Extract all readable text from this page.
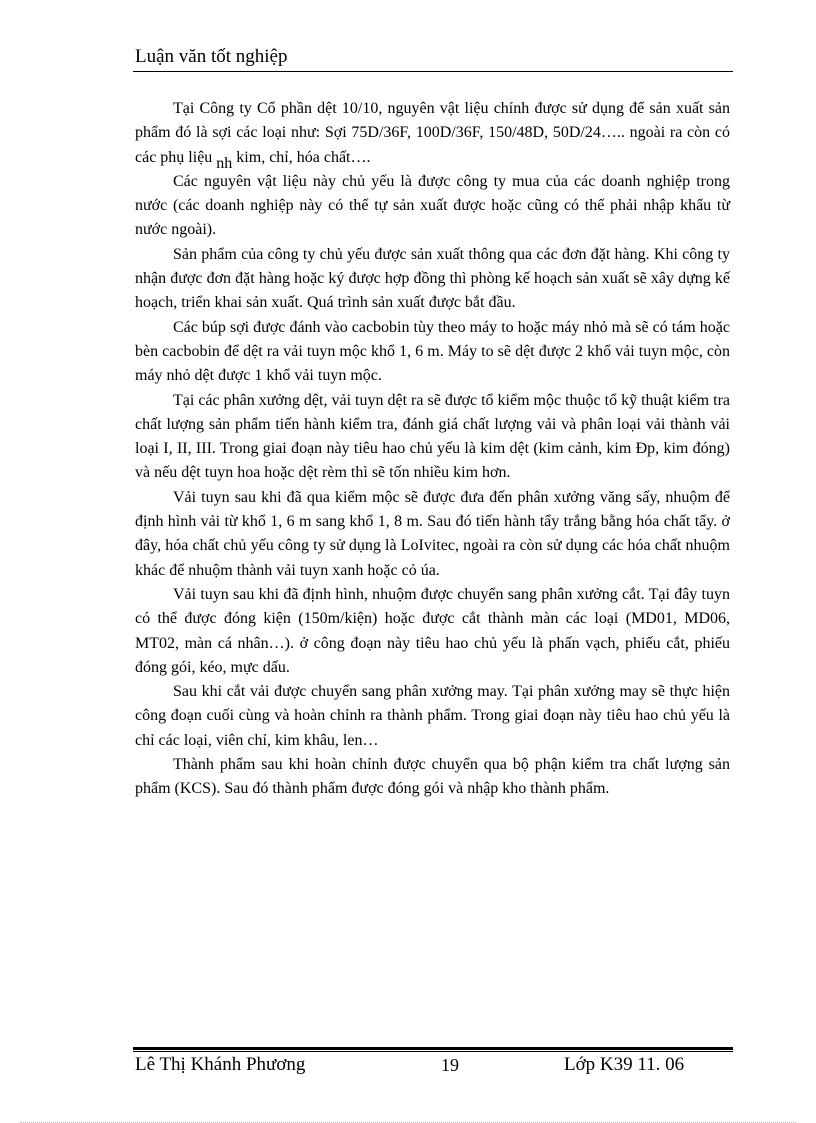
Luận văn tốt nghiệp

Tại Công ty Cổ phần dệt 10/10, nguyên vật liệu chính được sử dụng để sản xuất sản phẩm đó là sợi các loại như: Sợi 75D/36F, 100D/36F, 150/48D, 50D/24….. ngoài ra còn có các phụ liệu nh kim, chỉ, hóa chất….

Các nguyên vật liệu này chủ yếu là được công ty mua của các doanh nghiệp trong nước (các doanh nghiệp này có thể tự sản xuất được hoặc cũng có thể phải nhập khẩu từ nước ngoài).

Sản phẩm của công ty chủ yếu được sản xuất thông qua các đơn đặt hàng. Khi công ty nhận được đơn đặt hàng hoặc ký được hợp đồng thì phòng kế hoạch sản xuất sẽ xây dựng kế hoạch, triển khai sản xuất. Quá trình sản xuất được bắt đầu.

Các búp sợi được đánh vào cacbobin tùy theo máy to hoặc máy nhỏ mà sẽ có tám hoặc bèn cacbobin để dệt ra vải tuyn mộc khổ 1, 6 m. Máy to sẽ dệt được 2 khổ vải tuyn mộc, còn máy nhỏ dệt được 1 khổ vải tuyn mộc.

Tại các phân xưởng dệt, vải tuyn dệt ra sẽ được tổ kiểm mộc thuộc tổ kỹ thuật kiểm tra chất lượng sản phẩm tiến hành kiểm tra, đánh giá chất lượng vải và phân loại vải thành vải loại I, II, III. Trong giai đoạn này tiêu hao chủ yếu là kim dệt (kim cảnh, kim Đp, kim đóng) và nếu dệt tuyn hoa hoặc dệt rèm thì sẽ tốn nhiều kim hơn.

Vải tuyn sau khi đã qua kiểm mộc sẽ được đưa đến phân xưởng văng sấy, nhuộm để định hình vải từ khổ 1, 6 m sang khổ 1, 8 m. Sau đó tiến hành tẩy trắng bằng hóa chất tẩy. ở đây, hóa chất chủ yếu công ty sử dụng là LoIvitec, ngoài ra còn sử dụng các hóa chất nhuộm khác để nhuộm thành vải tuyn xanh hoặc cỏ úa.

Vải tuyn sau khi đã định hình, nhuộm được chuyển sang phân xưởng cắt. Tại đây tuyn có thể được đóng kiện (150m/kiện) hoặc được cắt thành màn các loại (MD01, MD06, MT02, màn cá nhân…). ở công đoạn này tiêu hao chủ yếu là phấn vạch, phiếu cắt, phiếu đóng gói, kéo, mực dấu.

Sau khi cắt vải được chuyển sang phân xưởng may. Tại phân xưởng may sẽ thực hiện công đoạn cuối cùng và hoàn chỉnh ra thành phẩm. Trong giai đoạn này tiêu hao chủ yếu là chỉ các loại, viên chỉ, kim khâu, len…

Thành phẩm sau khi hoàn chỉnh được chuyển qua bộ phận kiểm tra chất lượng sản phẩm (KCS). Sau đó thành phẩm được đóng gói và nhập kho thành phẩm.

Lê Thị Khánh Phương	19	Lớp K39 11. 06
